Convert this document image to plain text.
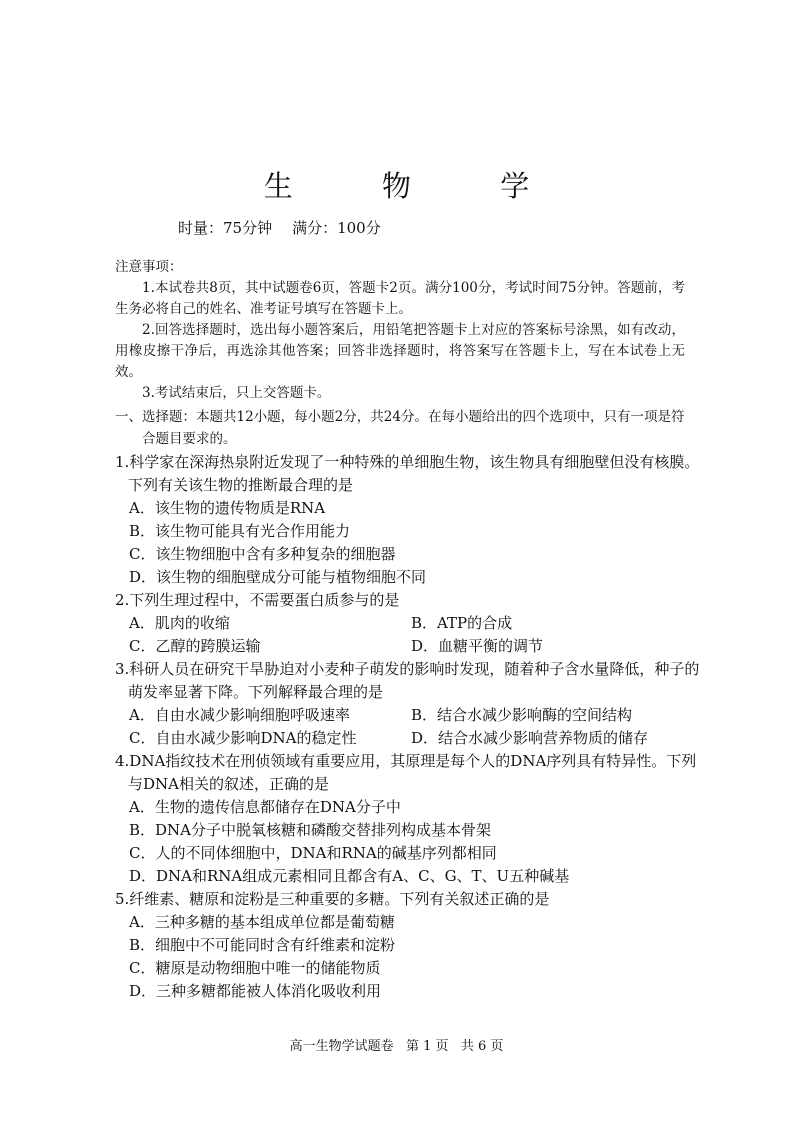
生 物 学
时量：75分钟 满分：100分

注意事项：

1.本试卷共8页，其中试题卷6页，答题卡2页。满分100分，考试时间75分钟。答题前，考生务必将自己的姓名、准考证号填写在答题卡上。

2.回答选择题时，选出每小题答案后，用铅笔把答题卡上对应的答案标号涂黑，如有改动，用橡皮擦干净后，再选涂其他答案；回答非选择题时，将答案写在答题卡上，写在本试卷上无效。

3.考试结束后，只上交答题卡。

一、选择题：本题共12小题，每小题2分，共24分。在每小题给出的四个选项中，只有一项是符合题目要求的。

1.科学家在深海热泉附近发现了一种特殊的单细胞生物，该生物具有细胞壁但没有核膜。下列有关该生物的推断最合理的是

A．该生物的遗传物质是RNA

B．该生物可能具有光合作用能力

C．该生物细胞中含有多种复杂的细胞器

D．该生物的细胞壁成分可能与植物细胞不同

2.下列生理过程中，不需要蛋白质参与的是

A．肌肉的收缩	B．ATP的合成

C．乙醇的跨膜运输	D．血糖平衡的调节

3.科研人员在研究干旱胁迫对小麦种子萌发的影响时发现，随着种子含水量降低，种子的萌发率显著下降。下列解释最合理的是

A．自由水减少影响细胞呼吸速率	B．结合水减少影响酶的空间结构

C．自由水减少影响DNA的稳定性	D．结合水减少影响营养物质的储存

4.DNA指纹技术在刑侦领域有重要应用，其原理是每个人的DNA序列具有特异性。下列与DNA相关的叙述，正确的是

A．生物的遗传信息都储存在DNA分子中

B．DNA分子中脱氧核糖和磷酸交替排列构成基本骨架

C．人的不同体细胞中，DNA和RNA的碱基序列都相同

D．DNA和RNA组成元素相同且都含有A、C、G、T、U五种碱基

5.纤维素、糖原和淀粉是三种重要的多糖。下列有关叙述正确的是

A．三种多糖的基本组成单位都是葡萄糖

B．细胞中不可能同时含有纤维素和淀粉

C．糖原是动物细胞中唯一的储能物质

D．三种多糖都能被人体消化吸收利用

高一生物学试题卷   第 1 页   共 6 页
